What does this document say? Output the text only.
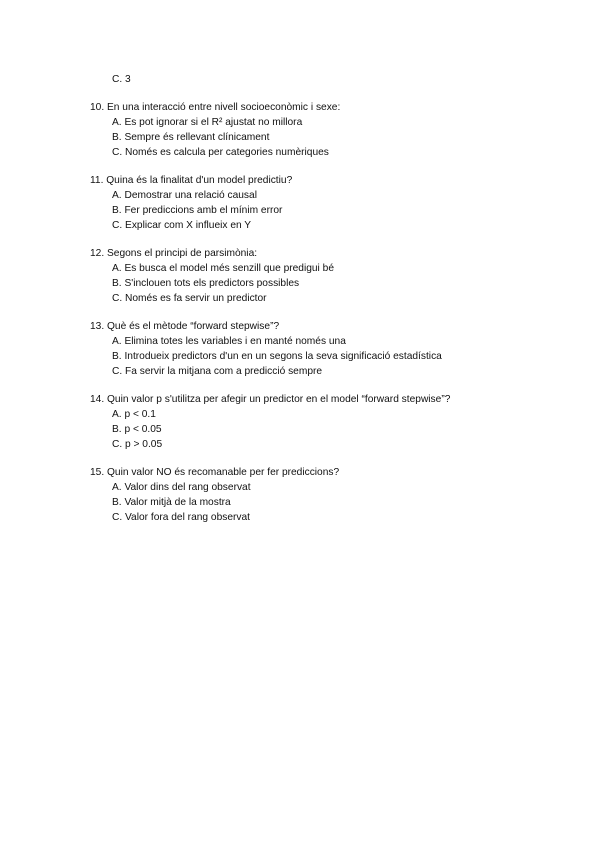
C. 3
10. En una interacció entre nivell socioeconòmic i sexe:
A. Es pot ignorar si el R² ajustat no millora
B. Sempre és rellevant clínicament
C. Només es calcula per categories numèriques
11. Quina és la finalitat d'un model predictiu?
A. Demostrar una relació causal
B. Fer prediccions amb el mínim error
C. Explicar com X influeix en Y
12. Segons el principi de parsimònia:
A. Es busca el model més senzill que predigui bé
B. S'inclouen tots els predictors possibles
C. Només es fa servir un predictor
13. Què és el mètode “forward stepwise”?
A. Elimina totes les variables i en manté només una
B. Introdueix predictors d'un en un segons la seva significació estadística
C. Fa servir la mitjana com a predicció sempre
14. Quin valor p s'utilitza per afegir un predictor en el model “forward stepwise”?
A. p < 0.1
B. p < 0.05
C. p > 0.05
15. Quin valor NO és recomanable per fer prediccions?
A. Valor dins del rang observat
B. Valor mitjà de la mostra
C. Valor fora del rang observat
